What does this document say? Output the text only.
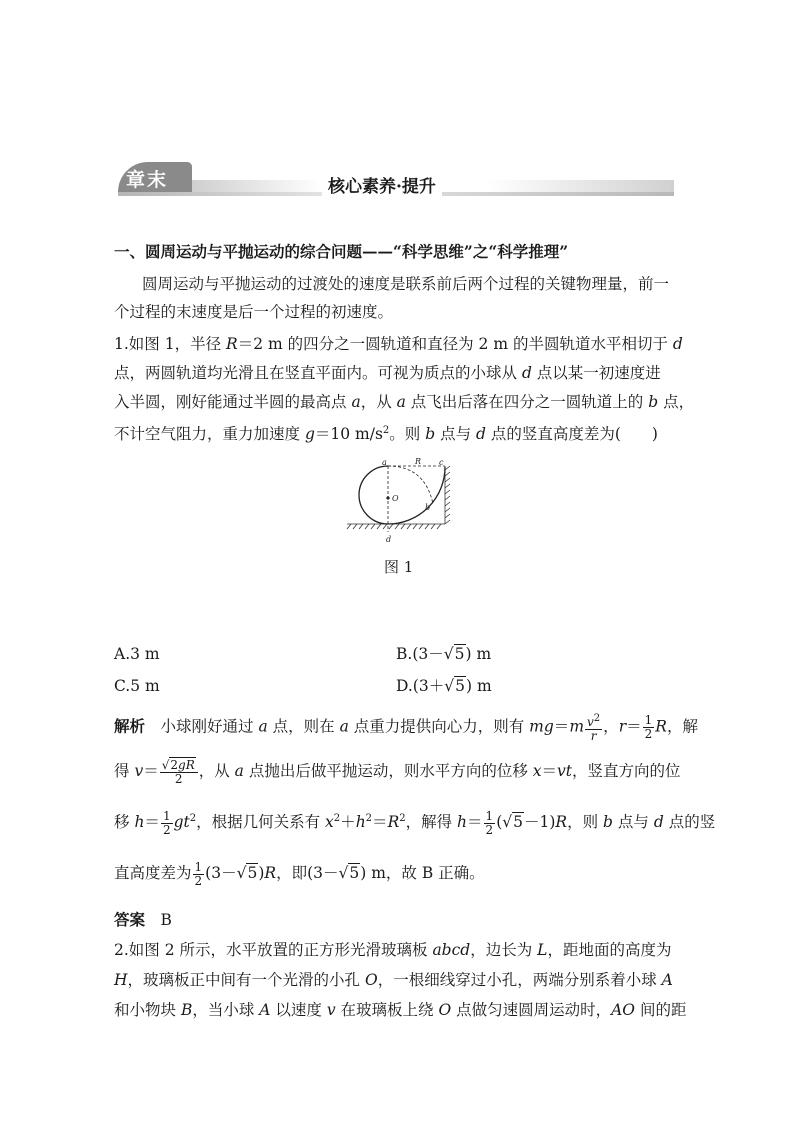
章末	核心素养·提升
一、圆周运动与平抛运动的综合问题——“科学思维”之“科学推理”
圆周运动与平抛运动的过渡处的速度是联系前后两个过程的关键物理量，前一
个过程的末速度是后一个过程的初速度。
1.如图 1，半径 R＝2 m 的四分之一圆轨道和直径为 2 m 的半圆轨道水平相切于 d
点，两圆轨道均光滑且在竖直平面内。可视为质点的小球从 d 点以某一初速度进
入半圆，刚好能通过半圆的最高点 a，从 a 点飞出后落在四分之一圆轨道上的 b 点，
不计空气阻力，重力加速度 g＝10 $m/s^2$。则 b 点与 d 点的竖直高度差为(　　)
a	R c
O
b
d
图 1
A.3 m	B.(3－√5) m
C.5 m	D.(3＋√5) m
解析　小球刚好通过 a 点，则在 a 点重力提供向心力，则有 $mg=m \frac{v^2}{r}$ ，$r= \frac{1}{2}$ R，解
得 $v= \frac{√2gR}{2}$ ，从 a 点抛出后做平抛运动，则水平方向的位移 x＝vt，竖直方向的位
移 $h= \frac{1}{2} gt^2$，根据几何关系有 $x^2+h^2=R^2$，解得 $h= \frac{1}{2} (√5-1)R$，则 b 点与 d 点的竖
直高度差为 $\frac{1}{2} (3-√5)R$，即(3－√5) m，故 B 正确。
答案　 B
2.如图 2 所示，水平放置的正方形光滑玻璃板 abcd，边长为 L，距地面的高度为
H，玻璃板正中间有一个光滑的小孔 O，一根细线穿过小孔，两端分别系着小球 A
和小物块 B，当小球 A 以速度 v 在玻璃板上绕 O 点做匀速圆周运动时，AO 间的距
